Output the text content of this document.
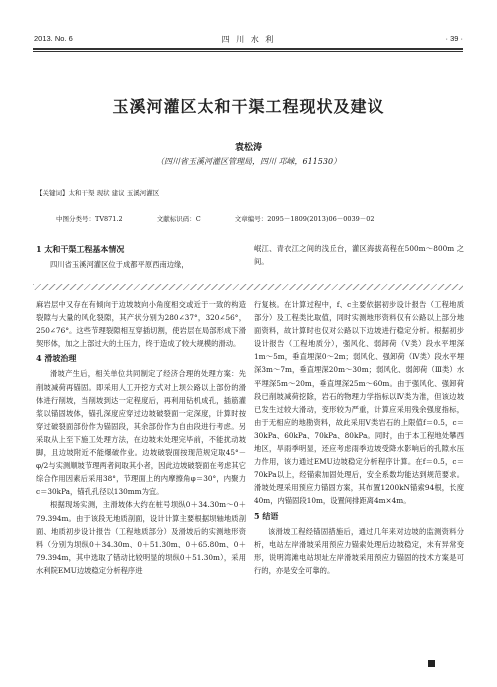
2013. No. 6	四 川 水 利	· 39 ·
玉溪河灌区太和干渠工程现状及建议
袁松涛
（四川省玉溪河灌区管理局，四川 邛崃，611530）
【关键词】太和干渠 现状 建议 玉溪河灌区
中图分类号：TV871.2	文献标识码：C	文章编号：2095－1809(2013)06－0039－02
1 太和干渠工程基本情况

四川省玉溪河灌区位于成都平原西南边缘，

岷江、青衣江之间的浅丘台，灌区海拔高程在500m～800m 之间。

麻岩层中又存在有倾向于边坡坡向小角度相交或近于一致的构造裂隙与大量的风化裂隙，其产状分别为280∠37°，320∠56°，250∠76°。这些节理裂隙相互穿插切割，使岩层在局部形成下滑契形体，加之上部过大的土压力，终于造成了较大规模的滑动。

4 滑坡治理

滑坡产生后，相关单位共同制定了经济合理的处理方案：先削坡减荷再锚固。即采用人工开挖方式对上坝公路以上部份的滑体进行削坡，当削坡到达一定程度后，再利用钻机成孔，插筋灌浆以锚固坡体，锚孔深度应穿过边坡破裂面一定深度，计算时按穿过破裂面部份作为锚固段，其余部份作为自由段进行考虑。另采取从上至下施工处理方法，在边坡未处理完毕前，不能扰动坡脚，且边坡附近不能爆破作业。边坡破裂面按现范规定取45°－φ/2与实测顺坡节理两者间取其小者，因此边坡破裂面在考虑其它综合作用因素后采用38°，节理面上的内摩擦角φ＝30°，内聚力c＝30kPa，锚孔孔径以130mm为宜。

根据现场实测，主滑坡体大约在桩号坝纵0＋34.30m～0＋79.394m。由于该段无地质剖面，设计计算主要根据坝轴地质剖面、地质初步设计报告（工程地质部分）及滑坡后的实测地形资料（分别为坝纵0＋34.30m、0＋51.30m、0＋65.80m、0＋79.394m，其中选取了错动比较明显的坝纵0＋51.30m），采用水利院EMU边坡稳定分析程序进

行复核。在计算过程中，f、c主要依据初步设计报告（工程地质部分）及工程类比取值，同时实测地形资料仅有公路以上部分地面资料，故计算时也仅对公路以下边坡进行稳定分析。根据初步设计报告（工程地质分），强风化、弱卸荷（V类）段水平埋深1m～5m，垂直埋深0～2m；弱风化、强卸荷（Ⅳ类）段水平埋深3m～7m，垂直埋深20m～30m；弱风化、弱卸荷（Ⅲ类）水平埋深5m～20m，垂直埋深25m～60m。由于强风化、强卸荷段已削坡减荷挖除，岩石的物理力学指标以Ⅳ类为准，但该边坡已发生过较大滑动，变形较为严重，计算应采用残余强度指标，由于无相应的地勘资料，故此采用Ⅴ类岩石的上限值f＝0.5，c＝30kPa、60kPa、70kPa、80kPa。同时，由于本工程地处攀西地区，旱雨季明显，还应考虑雨季边坡受降水影响后的孔隙水压力作用，该力通过EMU边坡稳定分析程序计算。在f＝0.5，c＝70kPa以上，经锚索加固处理后，安全系数均能达到规范要求。滑坡处理采用预应力锚固方案，其布置1200kN锚索94根，长度40m，内锚固段10m，设置间排距离4m×4m。

5 结语

该滑坡工程经锚固措施后，通过几年来对边坡的监测资料分析，电站左岸滑坡采用预应力锚索处理后边坡稳定，未有异常变形，说明湾滩电站坝址左岸滑坡采用预应力锚固的技术方案是可行的，亦是安全可靠的。
